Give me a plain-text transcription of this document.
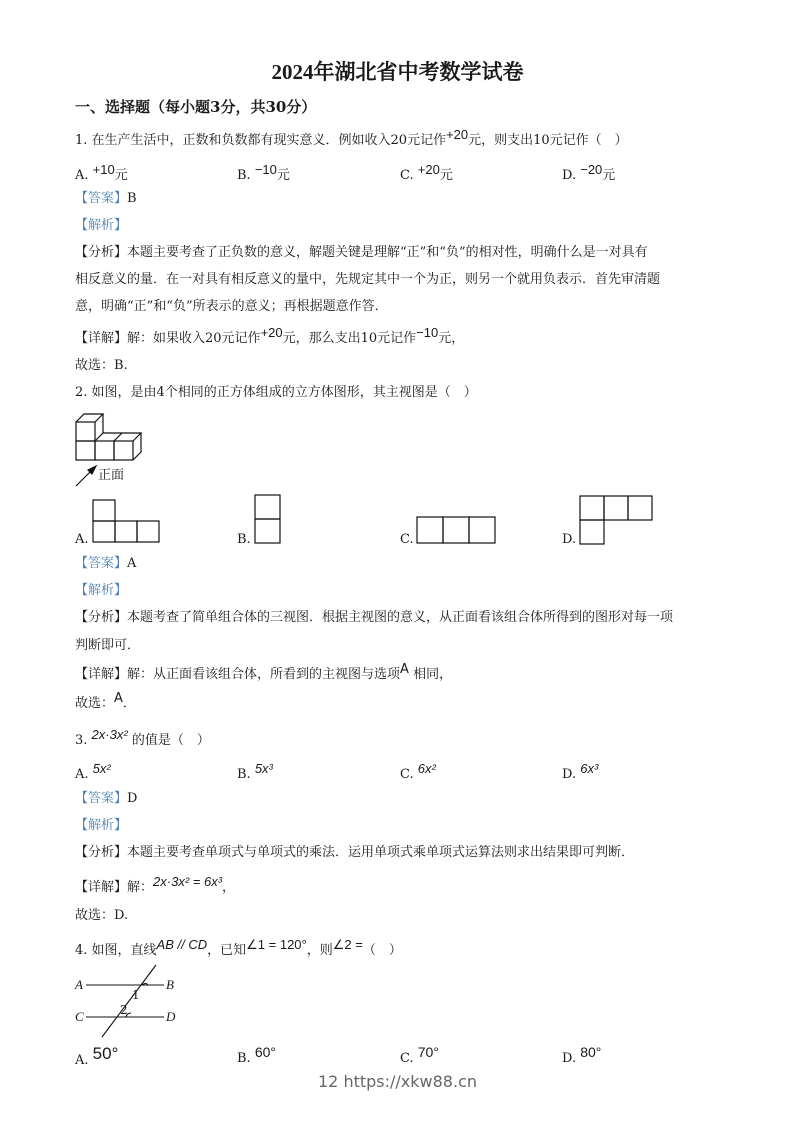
2024年湖北省中考数学试卷
一、选择题（每小题3分，共30分）
1. 在生产生活中，正数和负数都有现实意义．例如收入20元记作+20元，则支出10元记作（　）
A. +10元	B. −10元	C. +20元	D. −20元
【答案】B
【解析】
【分析】本题主要考查了正负数的意义，解题关键是理解“正”和“负”的相对性，明确什么是一对具有
相反意义的量．在一对具有相反意义的量中，先规定其中一个为正，则另一个就用负表示．首先审清题
意，明确“正”和“负”所表示的意义；再根据题意作答．
【详解】解：如果收入20元记作+20元，那么支出10元记作−10元，
故选：B.
2. 如图，是由4个相同的正方体组成的立方体图形，其主视图是（　）
正面
A.	B.	C.	D.
【答案】A
【解析】
【分析】本题考查了简单组合体的三视图．根据主视图的意义，从正面看该组合体所得到的图形对每一项
判断即可．
【详解】解：从正面看该组合体，所看到的主视图与选项A 相同，
故选：A．
3. 2x·3x² 的值是（　）
A. 5x²	B. 5x³	C. 6x²	D. 6x³
【答案】D
【解析】
【分析】本题主要考查单项式与单项式的乘法．运用单项式乘单项式运算法则求出结果即可判断．
【详解】解：2x·3x² = 6x³，
故选：D.
4. 如图，直线AB // CD，已知∠1 = 120°，则∠2 =（　）
A	B
C	D
1
2
A. 50°	B. 60°	C. 70°	D. 80°
12 https://xkw88.cn
